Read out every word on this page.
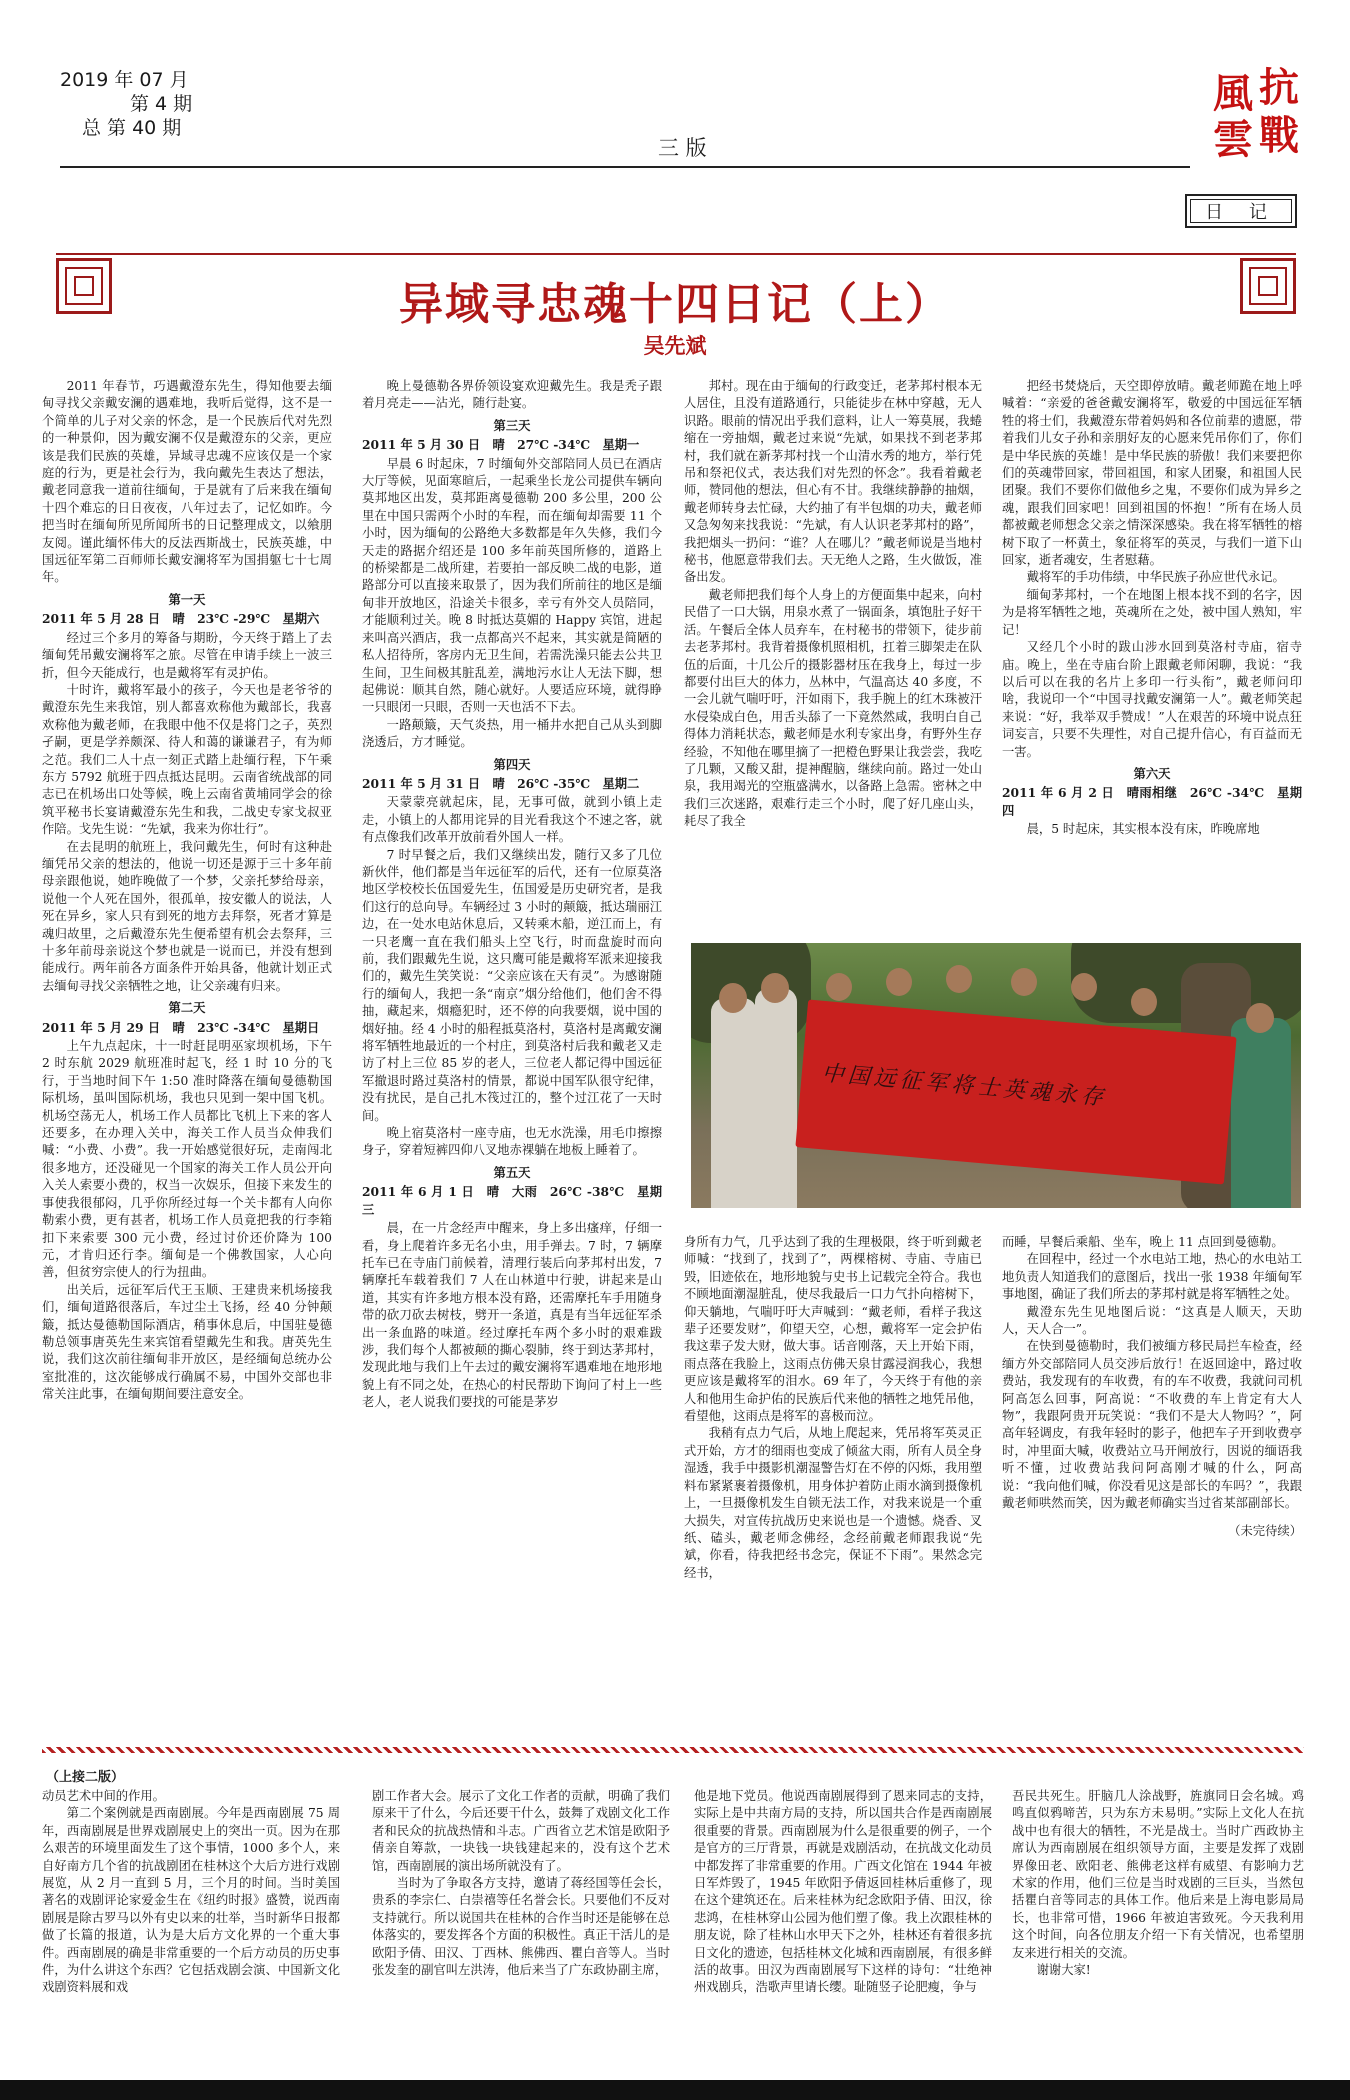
2019 年 07 月
第 4 期
总 第 40 期
三 版
抗
戰
風
雲
日 记
异域寻忠魂十四日记（上）
吴先斌

2011 年春节，巧遇戴澄东先生，得知他要去缅甸寻找父亲戴安澜的遇难地，我听后觉得，这不是一个简单的儿子对父亲的怀念，是一个民族后代对先烈的一种景仰，因为戴安澜不仅是戴澄东的父亲，更应该是我们民族的英雄，异域寻忠魂不应该仅是一个家庭的行为，更是社会行为，我向戴先生表达了想法，戴老同意我一道前往缅甸，于是就有了后来我在缅甸十四个难忘的日日夜夜，八年过去了，记忆如昨。今把当时在缅甸所见所闻所书的日记整理成文，以飨朋友阅。谨此缅怀伟大的反法西斯战士，民族英雄，中国远征军第二百师师长戴安澜将军为国捐躯七十七周年。

第一天
2011 年 5 月 28 日　晴　23℃ -29℃　星期六

经过三个多月的筹备与期盼，今天终于踏上了去缅甸凭吊戴安澜将军之旅。尽管在申请手续上一波三折，但今天能成行，也是戴将军有灵护佑。

十时许，戴将军最小的孩子，今天也是老爷爷的戴澄东先生来我馆，别人都喜欢称他为戴部长，我喜欢称他为戴老师，在我眼中他不仅是将门之子，英烈孑嗣，更是学养颇深、待人和蔼的谦谦君子，有为师之范。我们二人十点一刻正式踏上赴缅行程，下午乘东方 5792 航班于四点抵达昆明。云南省统战部的同志已在机场出口处等候，晚上云南省黄埔同学会的徐筑平秘书长宴请戴澄东先生和我，二战史专家戈叔亚作陪。戈先生说：“先斌，我来为你壮行”。

在去昆明的航班上，我问戴先生，何时有这种赴缅凭吊父亲的想法的，他说一切还是源于三十多年前母亲跟他说，她昨晚做了一个梦，父亲托梦给母亲，说他一个人死在国外，很孤单，按安徽人的说法，人死在异乡，家人只有到死的地方去拜祭，死者才算是魂归故里，之后戴澄东先生便希望有机会去祭拜，三十多年前母亲说这个梦也就是一说而已，并没有想到能成行。两年前各方面条件开始具备，他就计划正式去缅甸寻找父亲牺牲之地，让父亲魂有归来。

第二天
2011 年 5 月 29 日　晴　23℃ -34℃　星期日

上午九点起床，十一时赶昆明巫家坝机场，下午 2 时东航 2029 航班准时起飞，经 1 时 10 分的飞行，于当地时间下午 1:50 准时降落在缅甸曼德勒国际机场，虽叫国际机场，我也只见到一架中国飞机。机场空荡无人，机场工作人员都比飞机上下来的客人还要多，在办理入关中，海关工作人员当众伸我们喊：“小费、小费”。我一开始感觉很好玩，走南闯北很多地方，还没碰见一个国家的海关工作人员公开向入关人索要小费的，权当一次娱乐，但接下来发生的事使我很郁闷，几乎你所经过每一个关卡都有人向你勒索小费，更有甚者，机场工作人员竟把我的行李箱扣下来索要 300 元小费，经过讨价还价降为 100 元，才肯归还行李。缅甸是一个佛教国家，人心向善，但贫穷宗使人的行为扭曲。

出关后，远征军后代王玉顺、王建贵来机场接我们，缅甸道路很落后，车过尘土飞扬，经 40 分钟颠簸，抵达曼德勒国际酒店，稍事休息后，中国驻曼德勒总领事唐英先生来宾馆看望戴先生和我。唐英先生说，我们这次前往缅甸非开放区，是经缅甸总统办公室批准的，这次能够成行确属不易，中国外交部也非常关注此事，在缅甸期间要注意安全。

晚上曼德勒各界侨领设宴欢迎戴先生。我是秃子跟着月亮走——沾光，随行赴宴。

第三天
2011 年 5 月 30 日　晴　27℃ -34℃　星期一

早晨 6 时起床，7 时缅甸外交部陪同人员已在酒店大厅等候，见面寒暄后，一起乘坐长龙公司提供车辆向莫邦地区出发，莫邦距离曼德勒 200 多公里，200 公里在中国只需两个小时的车程，而在缅甸却需要 11 个小时，因为缅甸的公路绝大多数都是年久失修，我们今天走的路据介绍还是 100 多年前英国所修的，道路上的桥梁都是二战所建，若要拍一部反映二战的电影，道路部分可以直接来取景了，因为我们所前往的地区是缅甸非开放地区，沿途关卡很多，幸亏有外交人员陪同，才能顺利过关。晚 8 时抵达莫媚的 Happy 宾馆，进起来叫高兴酒店，我一点都高兴不起来，其实就是简陋的私人招待所，客房内无卫生间，若需洗澡只能去公共卫生间，卫生间极其脏乱差，满地污水让人无法下脚，想起佛说：顺其自然，随心就好。人要适应环境，就得睁一只眼闭一只眼，否则一天也活不下去。

一路颠簸，天气炎热，用一桶井水把自己从头到脚浇透后，方才睡觉。

第四天
2011 年 5 月 31 日　晴　26℃ -35℃　星期二

天蒙蒙亮就起床，昆，无事可做，就到小镇上走走，小镇上的人都用诧异的目光看我这个不速之客，就有点像我们改革开放前看外国人一样。

7 时早餐之后，我们又继续出发，随行又多了几位新伙伴，他们都是当年远征军的后代，还有一位原莫洛地区学校校长伍国爱先生，伍国爱是历史研究者，是我们这行的总向导。车辆经过 3 小时的颠簸，抵达瑞丽江边，在一处水电站休息后，又转乘木船，逆江而上，有一只老鹰一直在我们船头上空飞行，时而盘旋时而向前，我们跟戴先生说，这只鹰可能是戴将军派来迎接我们的，戴先生笑笑说：“父亲应该在天有灵”。为感谢随行的缅甸人，我把一条“南京”烟分给他们，他们舍不得抽，藏起来，烟瘾犯时，还不停的向我要烟，说中国的烟好抽。经 4 小时的船程抵莫洛村，莫洛村是离戴安澜将军牺牲地最近的一个村庄，到莫洛村后我和戴老又走访了村上三位 85 岁的老人，三位老人都记得中国远征军撤退时路过莫洛村的情景，都说中国军队很守纪律，没有扰民，是自己扎木筏过江的，整个过江花了一天时间。

晚上宿莫洛村一座寺庙，也无水洗澡，用毛巾擦擦身子，穿着短裤四仰八叉地赤裸躺在地板上睡着了。

第五天
2011 年 6 月 1 日　晴　大雨　26℃ -38℃　星期三

晨，在一片念经声中醒来，身上多出瘙痒，仔细一看，身上爬着许多无名小虫，用手弹去。7 时，7 辆摩托车已在寺庙门前候着，清理行装后向茅邦村出发，7 辆摩托车载着我们 7 人在山林道中行驶，讲起来是山道，其实有许多地方根本没有路，还需摩托车手用随身带的砍刀砍去树枝，劈开一条道，真是有当年远征军杀出一条血路的味道。经过摩托车两个多小时的艰难跋涉，我们每个人都被颠的撕心裂肺，终于到达茅邦村，发现此地与我们上午去过的戴安澜将军遇难地在地形地貌上有不同之处，在热心的村民帮助下询问了村上一些老人，老人说我们要找的可能是茅岁

邦村。现在由于缅甸的行政变迁，老茅邦村根本无人居住，且没有道路通行，只能徒步在林中穿越，无人识路。眼前的情况出乎我们意料，让人一筹莫展，我蜷缩在一旁抽烟，戴老过来说“先斌，如果找不到老茅邦村，我们就在新茅邦村找一个山清水秀的地方，举行凭吊和祭祀仪式，表达我们对先烈的怀念”。我看着戴老师，赞同他的想法，但心有不甘。我继续静静的抽烟，戴老师转身去忙碌，大约抽了有半包烟的功夫，戴老师又急匆匆来找我说：“先斌，有人认识老茅邦村的路”，我把烟头一扔问：“谁？人在哪儿？”戴老师说是当地村秘书，他愿意带我们去。天无绝人之路，生火做饭，准备出发。

戴老师把我们每个人身上的方便面集中起来，向村民借了一口大锅，用泉水煮了一锅面条，填饱肚子好干活。午餐后全体人员弃车，在村秘书的带领下，徒步前去老茅邦村。我背着摄像机照相机，扛着三脚架走在队伍的后面，十几公斤的摄影器材压在我身上，每过一步都要付出巨大的体力，丛林中，气温高达 40 多度，不一会儿就气喘吁吁，汗如雨下，我手腕上的红木珠被汗水侵染成白色，用舌头舔了一下竟然然咸，我明白自己得体力消耗状态，戴老师是水利专家出身，有野外生存经验，不知他在哪里摘了一把橙色野果让我尝尝，我吃了几颗，又酸又甜，提神醒脑，继续向前。路过一处山泉，我用竭光的空瓶盛满水，以备路上急需。密林之中我们三次迷路，艰难行走三个小时，爬了好几座山头，耗尽了我全

把经书焚烧后，天空即停放晴。戴老师跪在地上呼喊着：“亲爱的爸爸戴安澜将军，敬爱的中国远征军牺牲的将士们，我戴澄东带着妈妈和各位前辈的遗愿，带着我们儿女子孙和亲朋好友的心愿来凭吊你们了，你们是中华民族的英雄！是中华民族的骄傲！我们来要把你们的英魂带回家，带回祖国，和家人团聚，和祖国人民团聚。我们不要你们做他乡之鬼，不要你们成为异乡之魂，跟我们回家吧！回到祖国的怀抱！”所有在场人员都被戴老师想念父亲之情深深感染。我在将军牺牲的榕树下取了一杯黄土，象征将军的英灵，与我们一道下山回家，逝者魂安，生者慰藉。

戴将军的手功伟绩，中华民族子孙应世代永记。

缅甸茅邦村，一个在地图上根本找不到的名字，因为是将军牺牲之地，英魂所在之处，被中国人熟知，牢记！

又经几个小时的跋山涉水回到莫洛村寺庙，宿寺庙。晚上，坐在寺庙台阶上跟戴老师闲聊，我说：“我以后可以在我的名片上多印一行头衔”，戴老师问印啥，我说印一个“中国寻找戴安澜第一人”。戴老师笑起来说：“好，我举双手赞成！”人在艰苦的环境中说点狂词妄言，只要不失理性，对自己提升信心，有百益而无一害。

第六天
2011 年 6 月 2 日　晴雨相继　26℃ -34℃　星期四

晨，5 时起床，其实根本没有床，昨晚席地

中国远征军将士英魂永存

身所有力气，几乎达到了我的生理极限，终于听到戴老师喊：“找到了，找到了”，两棵榕树、寺庙、寺庙已毁，旧迹依在，地形地貌与史书上记载完全符合。我也不顾地面潮湿脏乱，使尽我最后一口力气扑向榕树下，仰天躺地，气喘吁吁大声喊到：“戴老师，看样子我这辈子还要发财”，仰望天空，心想，戴将军一定会护佑我这辈子发大财，做大事。话音刚落，天上开始下雨，雨点落在我脸上，这雨点仿佛天泉甘露浸润我心，我想更应该是戴将军的泪水。69 年了，今天终于有他的亲人和他用生命护佑的民族后代来他的牺牲之地凭吊他，看望他，这雨点是将军的喜极而泣。

我稍有点力气后，从地上爬起来，凭吊将军英灵正式开始，方才的细雨也变成了倾盆大雨，所有人员全身湿透，我手中摄影机潮湿警告灯在不停的闪烁，我用塑料布紧紧裹着摄像机，用身体护着防止雨水滴到摄像机上，一旦摄像机发生自锁无法工作，对我来说是一个重大损失，对宣传抗战历史来说也是一个遗憾。烧香、叉纸、磕头，戴老师念佛经，念经前戴老师跟我说“先斌，你看，待我把经书念完，保证不下雨”。果然念完经书，

而睡，早餐后乘船、坐车，晚上 11 点回到曼德勒。

在回程中，经过一个水电站工地，热心的水电站工地负责人知道我们的意图后，找出一张 1938 年缅甸军事地图，确证了我们所去的茅邦村就是将军牺牲之处。

戴澄东先生见地图后说：“这真是人顺天，天助人，天人合一”。

在快到曼德勒时，我们被缅方移民局拦车检查，经缅方外交部陪同人员交涉后放行！在返回途中，路过收费站，我发现有的车收费，有的车不收费，我就问司机阿高怎么回事，阿高说：“不收费的车上肯定有大人物”，我跟阿贵开玩笑说：“我们不是大人物吗？”，阿高年轻调皮，有我年轻时的影子，他把车子开到收费亭时，冲里面大喊，收费站立马开闸放行，因说的缅语我听不懂，过收费站我问阿高刚才喊的什么，阿高说：“我向他们喊，你没看见这是部长的车吗？”，我跟戴老师哄然而笑，因为戴老师确实当过省某部副部长。

（未完待续）
（上接二版）

动员艺术中间的作用。

第二个案例就是西南剧展。今年是西南剧展 75 周年，西南剧展是世界戏剧展史上的突出一页。因为在那么艰苦的环境里面发生了这个事情，1000 多个人，来自好南方几个省的抗战剧团在桂林这个大后方进行戏剧展览，从 2 月一直到 5 月，三个月的时间。当时美国著名的戏剧评论家爱金生在《纽约时报》盛赞，说西南剧展是除古罗马以外有史以来的壮举，当时新华日报都做了长篇的报道，认为是大后方文化界的一个重大事件。西南剧展的确是非常重要的一个后方动员的历史事件，为什么讲这个东西？它包括戏剧会演、中国新文化戏剧资料展和戏

剧工作者大会。展示了文化工作者的贡献，明确了我们原来干了什么，今后还要干什么，鼓舞了戏剧文化工作者和民众的抗战热情和斗志。广西省立艺术馆是欧阳予倩亲自筹款，一块钱一块钱建起来的，没有这个艺术馆，西南剧展的演出场所就没有了。

当时为了争取各方支持，邀请了蒋经国等任会长，贵系的李宗仁、白崇禧等任名誉会长。只要他们不反对支持就行。所以说国共在桂林的合作当时还是能够在总体落实的，要发挥各个方面的积极性。真正干活儿的是欧阳予倩、田汉、丁西林、熊佛西、瞿白音等人。当时张发奎的副官叫左洪涛，他后来当了广东政协副主席，

他是地下党员。他说西南剧展得到了恩来同志的支持，实际上是中共南方局的支持，所以国共合作是西南剧展很重要的背景。西南剧展为什么是很重要的例子，一个是官方的三厅背景，再就是戏剧活动，在抗战文化动员中都发挥了非常重要的作用。广西文化馆在 1944 年被日军炸毁了，1945 年欧阳予倩返回桂林后重修了，现在这个建筑还在。后来桂林为纪念欧阳予倩、田汉，徐悲鸿，在桂林穿山公园为他们塑了像。我上次跟桂林的朋友说，除了桂林山水甲天下之外，桂林还有着很多抗日文化的遗迹，包括桂林文化城和西南剧展，有很多鲜活的故事。田汉为西南剧展写下这样的诗句：“壮绝神州戏剧兵，浩歌声里请长缨。耻随竖子论肥瘦，争与

吾民共死生。肝脑几人涂战野，旌旗同日会名城。鸡鸣直似鸦啼苦，只为东方未易明。”实际上文化人在抗战中也有很大的牺牲，不光是战士。当时广西政协主席认为西南剧展在组织领导方面，主要是发挥了戏剧界像田老、欧阳老、熊佛老这样有威望、有影响力艺术家的作用，他们三位是当时戏剧的三巨头，当然包括瞿白音等同志的具体工作。他后来是上海电影局局长，也非常可惜，1966 年被迫害致死。今天我利用这个时间，向各位朋友介绍一下有关情况，也希望朋友来进行相关的交流。

谢谢大家!
